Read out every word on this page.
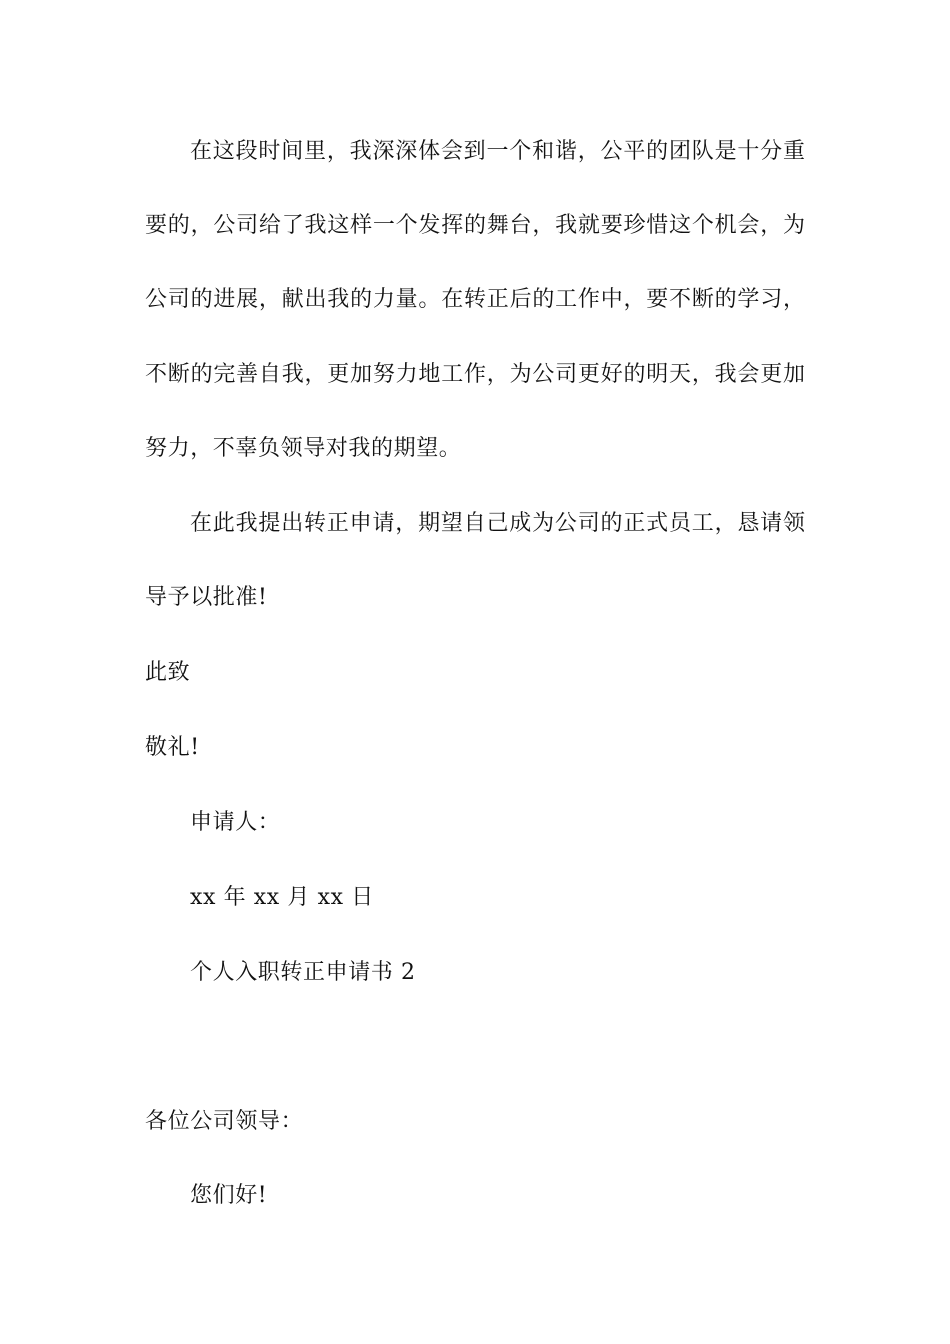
在这段时间里，我深深体会到一个和谐，公平的团队是十分重
要的，公司给了我这样一个发挥的舞台，我就要珍惜这个机会，为
公司的进展，献出我的力量。在转正后的工作中，要不断的学习，
不断的完善自我，更加努力地工作，为公司更好的明天，我会更加
努力，不辜负领导对我的期望。
在此我提出转正申请，期望自己成为公司的正式员工，恳请领
导予以批准!
此致
敬礼!
申请人：
xx 年 xx 月 xx 日
个人入职转正申请书 2
各位公司领导：
您们好!
